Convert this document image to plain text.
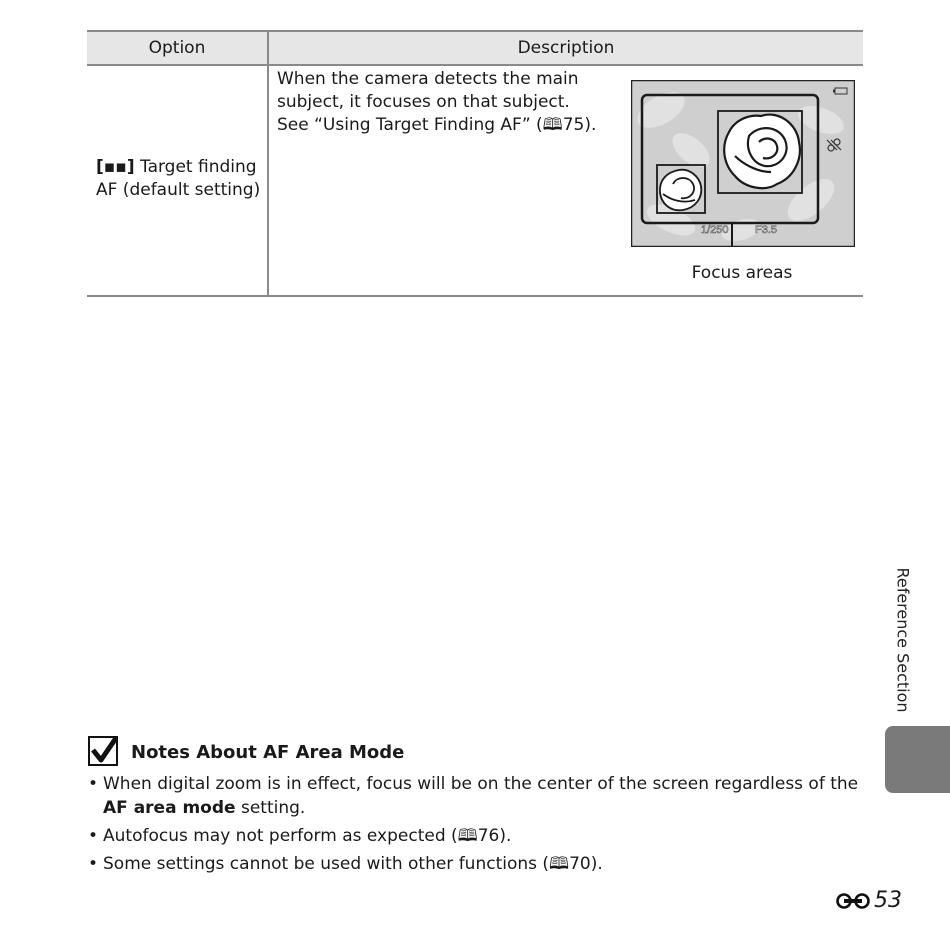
Option	Description
[▪▪] Target finding
AF (default setting)
When the camera detects the main
subject, it focuses on that subject.
See “Using Target Finding AF” (🕮75).
1/250 F3.5
Focus areas
Notes About AF Area Mode
• When digital zoom is in effect, focus will be on the center of the screen regardless of the AF area mode setting.
• Autofocus may not perform as expected (🕮76).
• Some settings cannot be used with other functions (🕮70).
Reference Section
53
